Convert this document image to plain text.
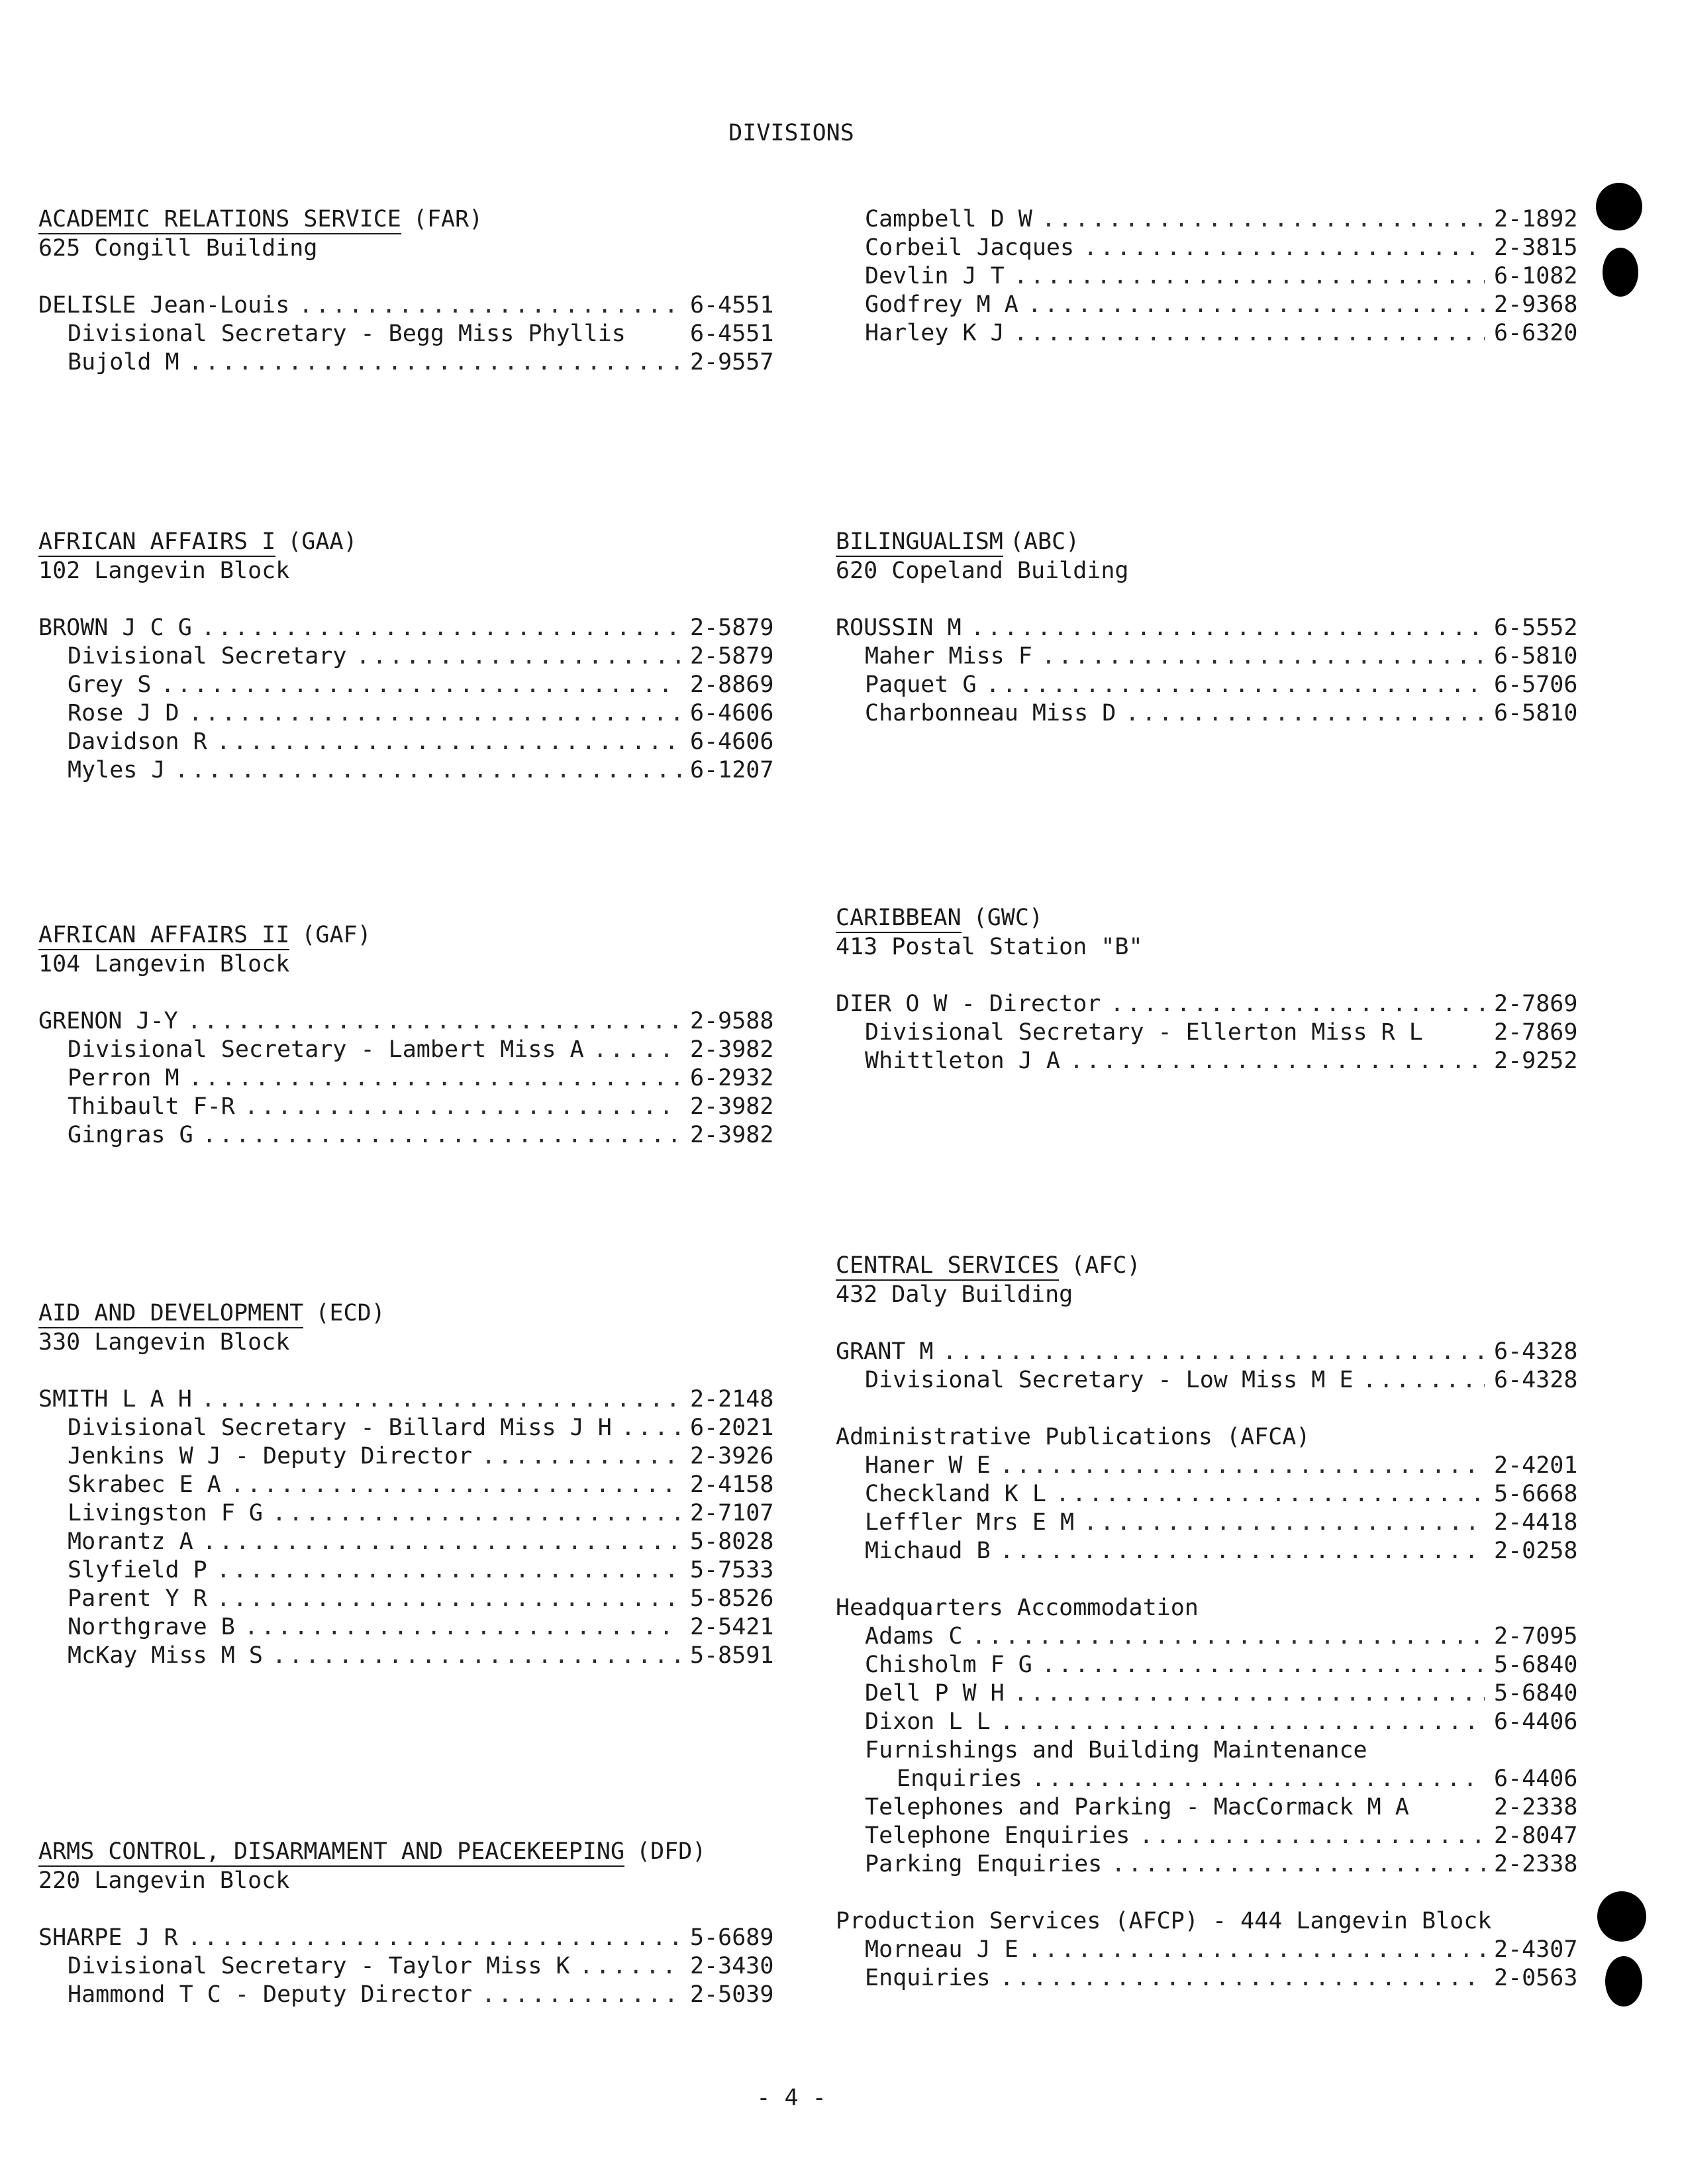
DIVISIONS
ACADEMIC RELATIONS SERVICE (FAR)
625 Congill Building
DELISLE Jean-Louis .....	6-4551
Divisional Secretary - Begg Miss Phyllis	6-4551
Bujold M .....	2-9557
AFRICAN AFFAIRS I (GAA)
102 Langevin Block
BROWN J C G .....	2-5879
Divisional Secretary .....	2-5879
Grey S .....	2-8869
Rose J D .....	6-4606
Davidson R .....	6-4606
Myles J .....	6-1207
AFRICAN AFFAIRS II (GAF)
104 Langevin Block
GRENON J-Y .....	2-9588
Divisional Secretary - Lambert Miss A .....	2-3982
Perron M .....	6-2932
Thibault F-R .....	2-3982
Gingras G .....	2-3982
AID AND DEVELOPMENT (ECD)
330 Langevin Block
SMITH L A H .....	2-2148
Divisional Secretary - Billard Miss J H .....	6-2021
Jenkins W J - Deputy Director .....	2-3926
Skrabec E A .....	2-4158
Livingston F G .....	2-7107
Morantz A .....	5-8028
Slyfield P .....	5-7533
Parent Y R .....	5-8526
Northgrave B .....	2-5421
McKay Miss M S .....	5-8591
ARMS CONTROL, DISARMAMENT AND PEACEKEEPING (DFD)
220 Langevin Block
SHARPE J R .....	5-6689
Divisional Secretary - Taylor Miss K .....	2-3430
Hammond T C - Deputy Director .....	2-5039
Campbell D W .....	2-1892
Corbeil Jacques .....	2-3815
Devlin J T .....	6-1082
Godfrey M A .....	2-9368
Harley K J .....	6-6320
BILINGUALISM (ABC)
620 Copeland Building
ROUSSIN M .....	6-5552
Maher Miss F .....	6-5810
Paquet G .....	6-5706
Charbonneau Miss D .....	6-5810
CARIBBEAN (GWC)
413 Postal Station "B"
DIER O W - Director .....	2-7869
Divisional Secretary - Ellerton Miss R L	2-7869
Whittleton J A .....	2-9252
CENTRAL SERVICES (AFC)
432 Daly Building
GRANT M .....	6-4328
Divisional Secretary - Low Miss M E .....	6-4328
Administrative Publications (AFCA)
Haner W E .....	2-4201
Checkland K L .....	5-6668
Leffler Mrs E M .....	2-4418
Michaud B .....	2-0258
Headquarters Accommodation
Adams C .....	2-7095
Chisholm F G .....	5-6840
Dell P W H .....	5-6840
Dixon L L .....	6-4406
Furnishings and Building Maintenance
Enquiries .....	6-4406
Telephones and Parking - MacCormack M A	2-2338
Telephone Enquiries .....	2-8047
Parking Enquiries .....	2-2338
Production Services (AFCP) - 444 Langevin Block
Morneau J E .....	2-4307
Enquiries .....	2-0563
- 4 -
